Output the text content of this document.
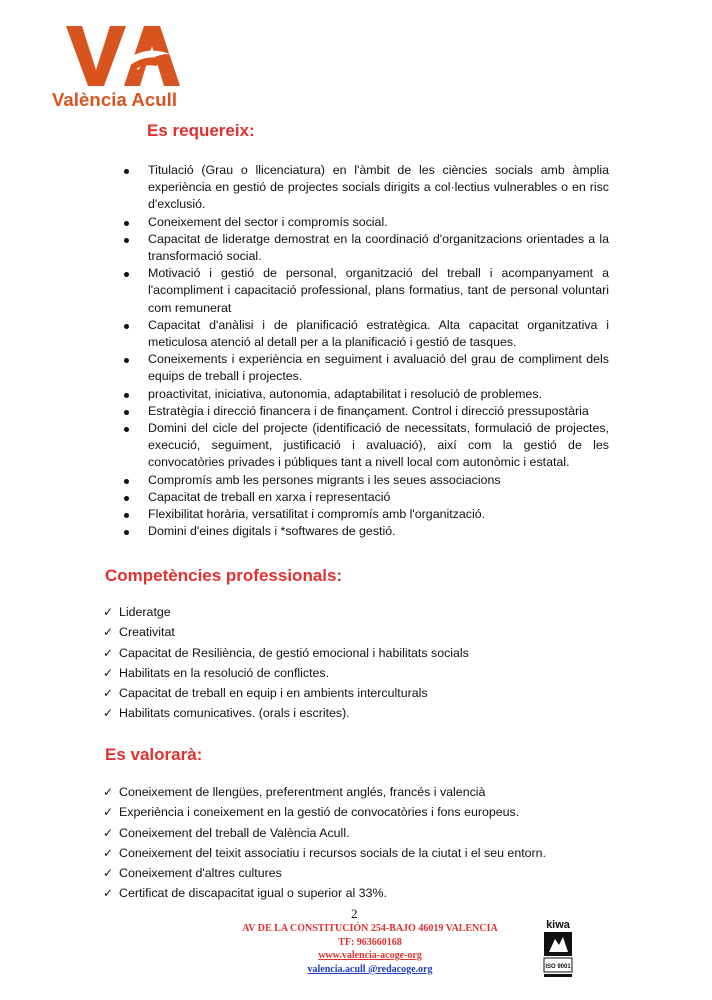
València Acull
Es requereix:
Titulació (Grau o llicenciatura) en l'àmbit de les ciències socials amb àmplia experiència en gestió de projectes socials dirigits a col·lectius vulnerables o en risc d'exclusió.
Coneixement del sector i compromís social.
Capacitat de lideratge demostrat en la coordinació d'organitzacions orientades a la transformació social.
Motivació i gestió de personal, organització del treball i acompanyament a l'acompliment i capacitació professional, plans formatius, tant de personal voluntari com remunerat
Capacitat d'anàlisi i de planificació estratègica. Alta capacitat organitzativa i meticulosa atenció al detall per a la planificació i gestió de tasques.
Coneixements i experiència en seguiment i avaluació del grau de compliment dels equips de treball i projectes.
proactivitat, iniciativa, autonomia, adaptabilitat i resolució de problemes.
Estratègia i direcció financera i de finançament. Control i direcció pressupostària
Domini del cicle del projecte (identificació de necessitats, formulació de projectes, execució, seguiment, justificació i avaluació), així com la gestió de les convocatòries privades i públiques tant a nivell local com autonòmic i estatal.
Compromís amb les persones migrants i les seues associacions
Capacitat de treball en xarxa i representació
Flexibilitat horària, versatilitat i compromís amb l'organització.
Domini d'eines digitals i *softwares de gestió.
Competències professionals:
✓ Lideratge
✓ Creativitat
✓ Capacitat de Resiliència, de gestió emocional i habilitats socials
✓ Habilitats en la resolució de conflictes.
✓ Capacitat de treball en equip i en ambients interculturals
✓ Habilitats comunicatives. (orals i escrites).
Es valorarà:
✓ Coneixement de llengües, preferentment anglés, francés i valencià
✓ Experiència i coneixement en la gestió de convocatòries i fons europeus.
✓ Coneixement del treball de València Acull.
✓ Coneixement del teixit associatiu i recursos socials de la ciutat i el seu entorn.
✓ Coneixement d'altres cultures
✓ Certificat de discapacitat igual o superior al 33%.
2
AV DE LA CONSTITUCIÓN 254-BAJO 46019 VALENCIA
TF: 963660168
www.valencia-acoge-org
valencia.acull @redacoge.org
kiwa
ISO 9001
